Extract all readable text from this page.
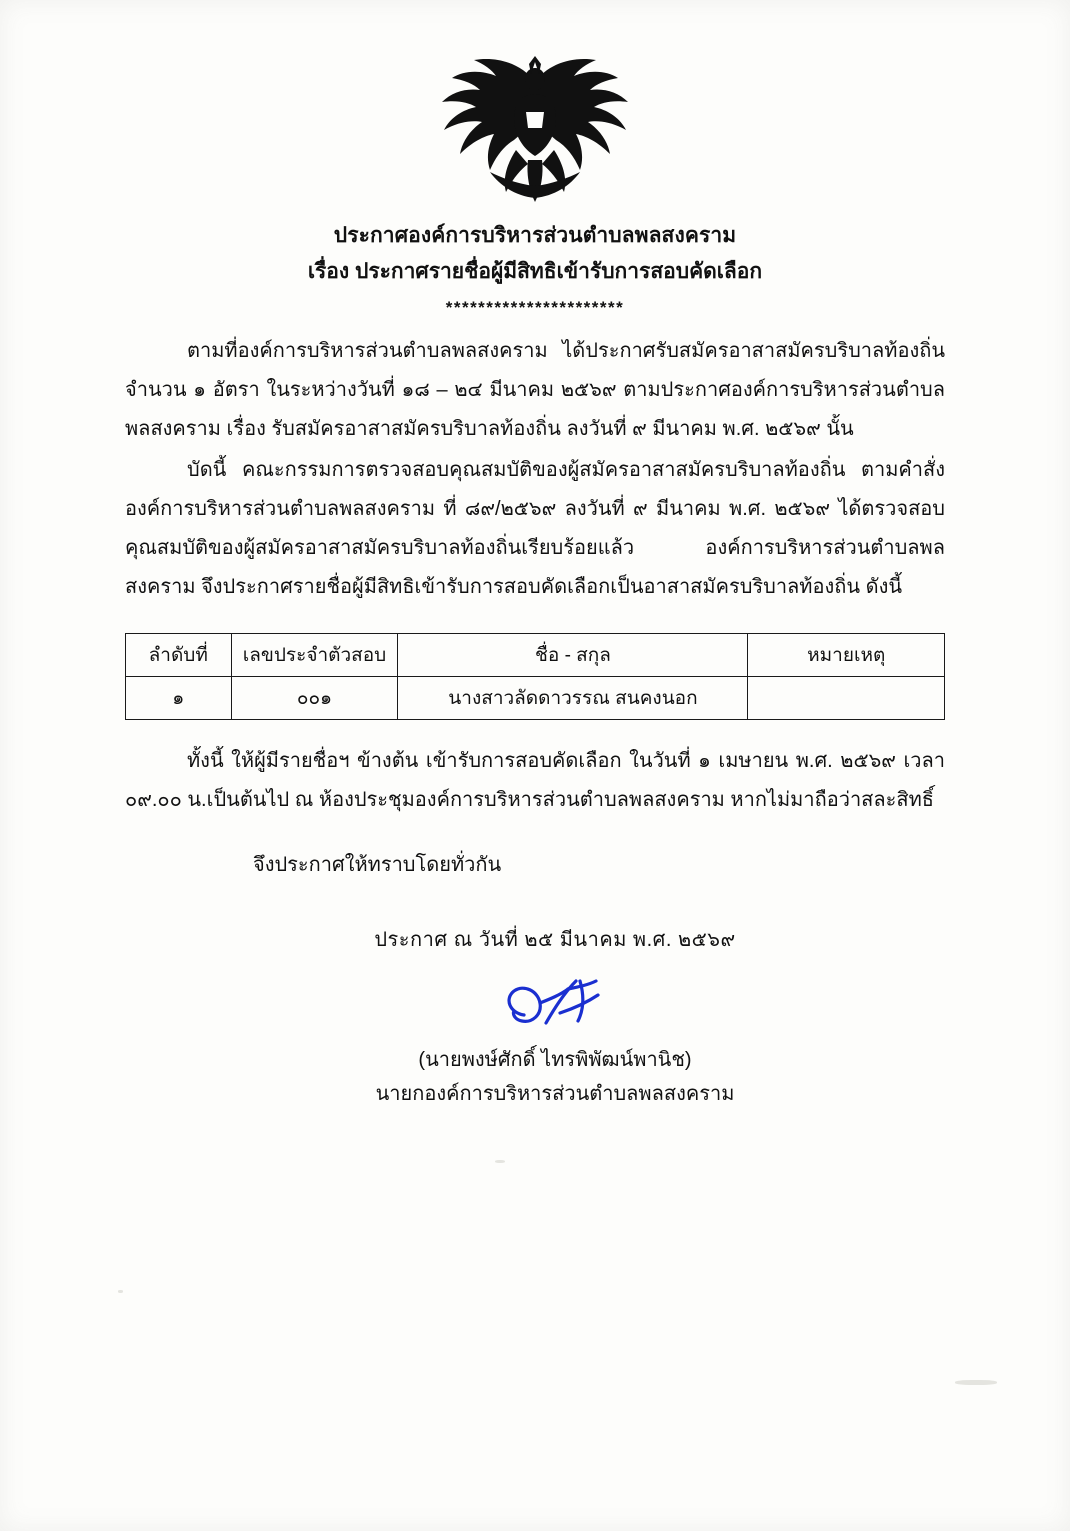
ประกาศองค์การบริหารส่วนตำบลพลสงคราม
เรื่อง ประกาศรายชื่อผู้มีสิทธิเข้ารับการสอบคัดเลือก
**********************

ตามที่องค์การบริหารส่วนตำบลพลสงคราม ได้ประกาศรับสมัครอาสาสมัครบริบาลท้องถิ่น จำนวน ๑ อัตรา ในระหว่างวันที่ ๑๘ – ๒๔ มีนาคม ๒๕๖๙ ตามประกาศองค์การบริหารส่วนตำบลพลสงคราม เรื่อง รับสมัครอาสาสมัครบริบาลท้องถิ่น ลงวันที่ ๙ มีนาคม พ.ศ. ๒๕๖๙ นั้น

บัดนี้ คณะกรรมการตรวจสอบคุณสมบัติของผู้สมัครอาสาสมัครบริบาลท้องถิ่น ตามคำสั่งองค์การบริหารส่วนตำบลพลสงคราม ที่ ๘๙/๒๕๖๙ ลงวันที่ ๙ มีนาคม พ.ศ. ๒๕๖๙ ได้ตรวจสอบคุณสมบัติของผู้สมัครอาสาสมัครบริบาลท้องถิ่นเรียบร้อยแล้ว องค์การบริหารส่วนตำบลพลสงคราม จึงประกาศรายชื่อผู้มีสิทธิเข้ารับการสอบคัดเลือกเป็นอาสาสมัครบริบาลท้องถิ่น ดังนี้

ลำดับที่	เลขประจำตัวสอบ	ชื่อ - สกุล	หมายเหตุ
๑	๐๐๑	นางสาวลัดดาวรรณ สนคงนอก	

ทั้งนี้ ให้ผู้มีรายชื่อฯ ข้างต้น เข้ารับการสอบคัดเลือก ในวันที่ ๑ เมษายน พ.ศ. ๒๕๖๙ เวลา ๐๙.๐๐ น.เป็นต้นไป ณ ห้องประชุมองค์การบริหารส่วนตำบลพลสงคราม หากไม่มาถือว่าสละสิทธิ์

จึงประกาศให้ทราบโดยทั่วกัน

ประกาศ ณ วันที่ ๒๕ มีนาคม พ.ศ. ๒๕๖๙
(นายพงษ์ศักดิ์ ไทรพิพัฒน์พานิช)
นายกองค์การบริหารส่วนตำบลพลสงคราม
